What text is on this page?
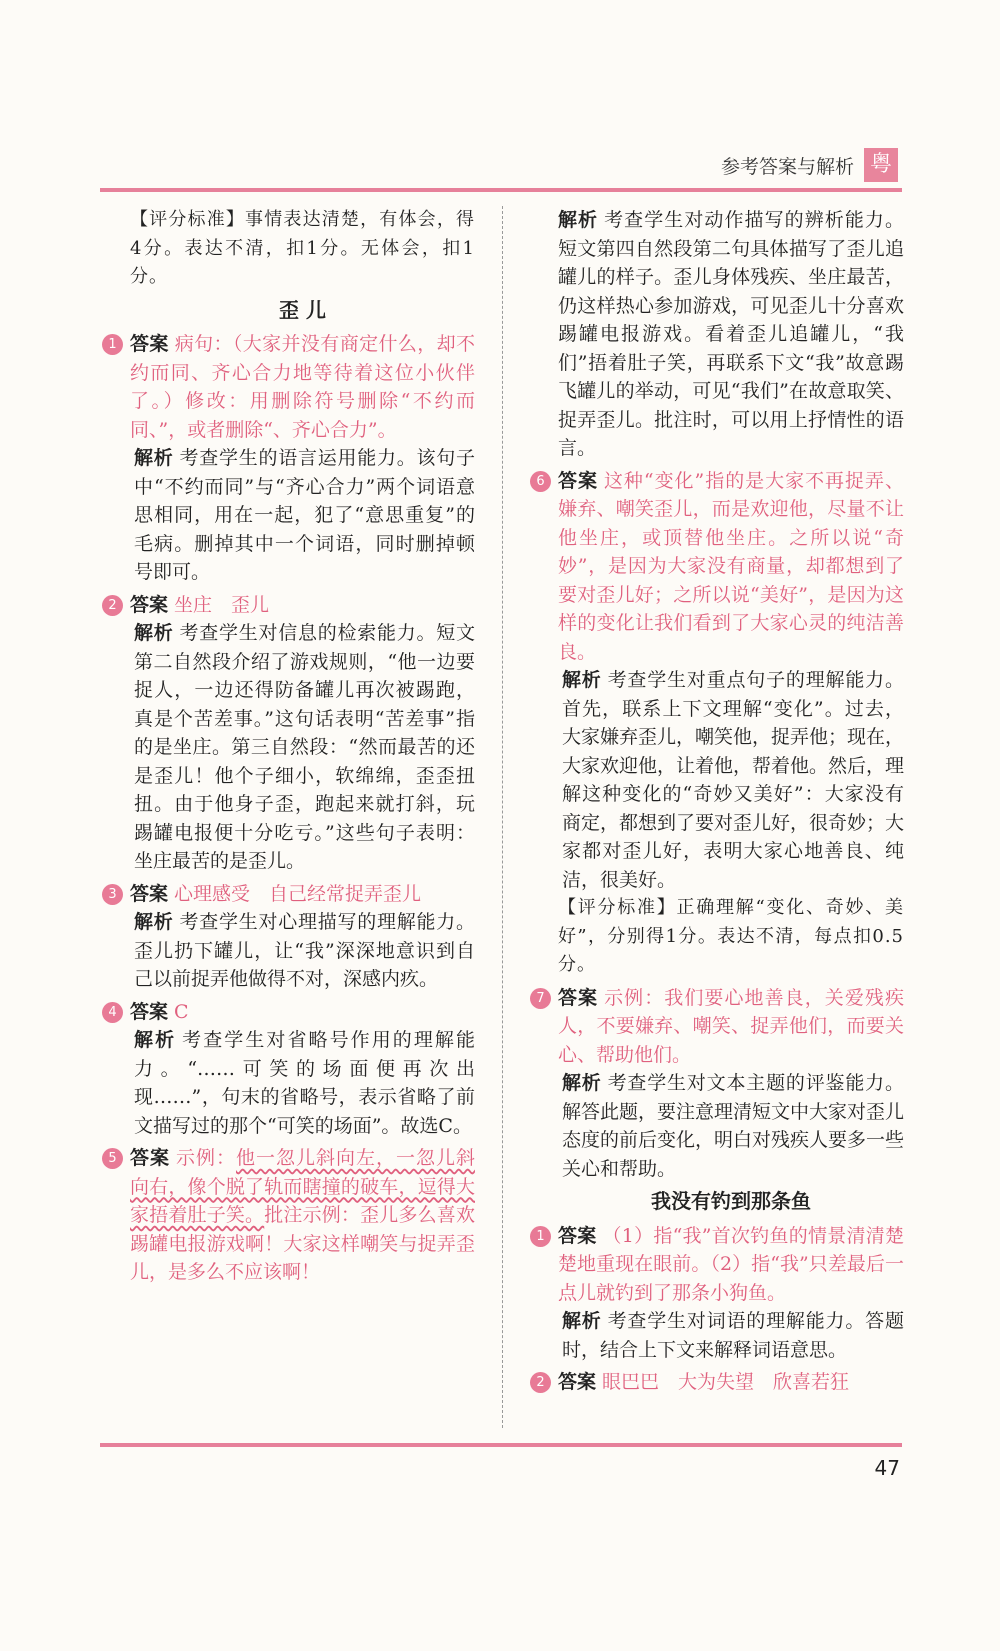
参考答案与解析 粤

【评分标准】事情表达清楚，有体会，得4分。表达不清，扣1分。无体会，扣1分。

歪 儿
1 答案 病句：（大家并没有商定什么，却不约而同、齐心合力地等待着这位小伙伴了。）修改：用删除符号删除“不约而同、”，或者删除“、齐心合力”。

解析 考查学生的语言运用能力。该句子中“不约而同”与“齐心合力”两个词语意思相同，用在一起，犯了“意思重复”的毛病。删掉其中一个词语，同时删掉顿号即可。

2 答案 坐庄　歪儿

解析 考查学生对信息的检索能力。短文第二自然段介绍了游戏规则，“他一边要捉人，一边还得防备罐儿再次被踢跑，真是个苦差事。”这句话表明“苦差事”指的是坐庄。第三自然段：“然而最苦的还是歪儿！他个子细小，软绵绵，歪歪扭扭。由于他身子歪，跑起来就打斜，玩踢罐电报便十分吃亏。”这些句子表明：坐庄最苦的是歪儿。

3 答案 心理感受　自己经常捉弄歪儿

解析 考查学生对心理描写的理解能力。歪儿扔下罐儿，让“我”深深地意识到自己以前捉弄他做得不对，深感内疚。

4 答案 C

解析 考查学生对省略号作用的理解能力。“……可笑的场面便再次出现……”，句末的省略号，表示省略了前文描写过的那个“可笑的场面”。故选C。

5 答案 示例：他一忽儿斜向左，一忽儿斜向右，像个脱了轨而瞎撞的破车，逗得大家捂着肚子笑。批注示例：歪儿多么喜欢踢罐电报游戏啊！大家这样嘲笑与捉弄歪儿，是多么不应该啊！

解析 考查学生对动作描写的辨析能力。短文第四自然段第二句具体描写了歪儿追罐儿的样子。歪儿身体残疾、坐庄最苦，仍这样热心参加游戏，可见歪儿十分喜欢踢罐电报游戏。看着歪儿追罐儿，“我们”捂着肚子笑，再联系下文“我”故意踢飞罐儿的举动，可见“我们”在故意取笑、捉弄歪儿。批注时，可以用上抒情性的语言。

6 答案 这种“变化”指的是大家不再捉弄、嫌弃、嘲笑歪儿，而是欢迎他，尽量不让他坐庄，或顶替他坐庄。之所以说“奇妙”，是因为大家没有商量，却都想到了要对歪儿好；之所以说“美好”，是因为这样的变化让我们看到了大家心灵的纯洁善良。

解析 考查学生对重点句子的理解能力。首先，联系上下文理解“变化”。过去，大家嫌弃歪儿，嘲笑他，捉弄他；现在，大家欢迎他，让着他，帮着他。然后，理解这种变化的“奇妙又美好”：大家没有商定，都想到了要对歪儿好，很奇妙；大家都对歪儿好，表明大家心地善良、纯洁，很美好。

【评分标准】正确理解“变化、奇妙、美好”，分别得1分。表达不清，每点扣0.5分。

7 答案 示例：我们要心地善良，关爱残疾人，不要嫌弃、嘲笑、捉弄他们，而要关心、帮助他们。

解析 考查学生对文本主题的评鉴能力。解答此题，要注意理清短文中大家对歪儿态度的前后变化，明白对残疾人要多一些关心和帮助。

我没有钓到那条鱼
1 答案 （1）指“我”首次钓鱼的情景清清楚楚地重现在眼前。（2）指“我”只差最后一点儿就钓到了那条小狗鱼。

解析 考查学生对词语的理解能力。答题时，结合上下文来解释词语意思。

2 答案 眼巴巴　大为失望　欣喜若狂

47
